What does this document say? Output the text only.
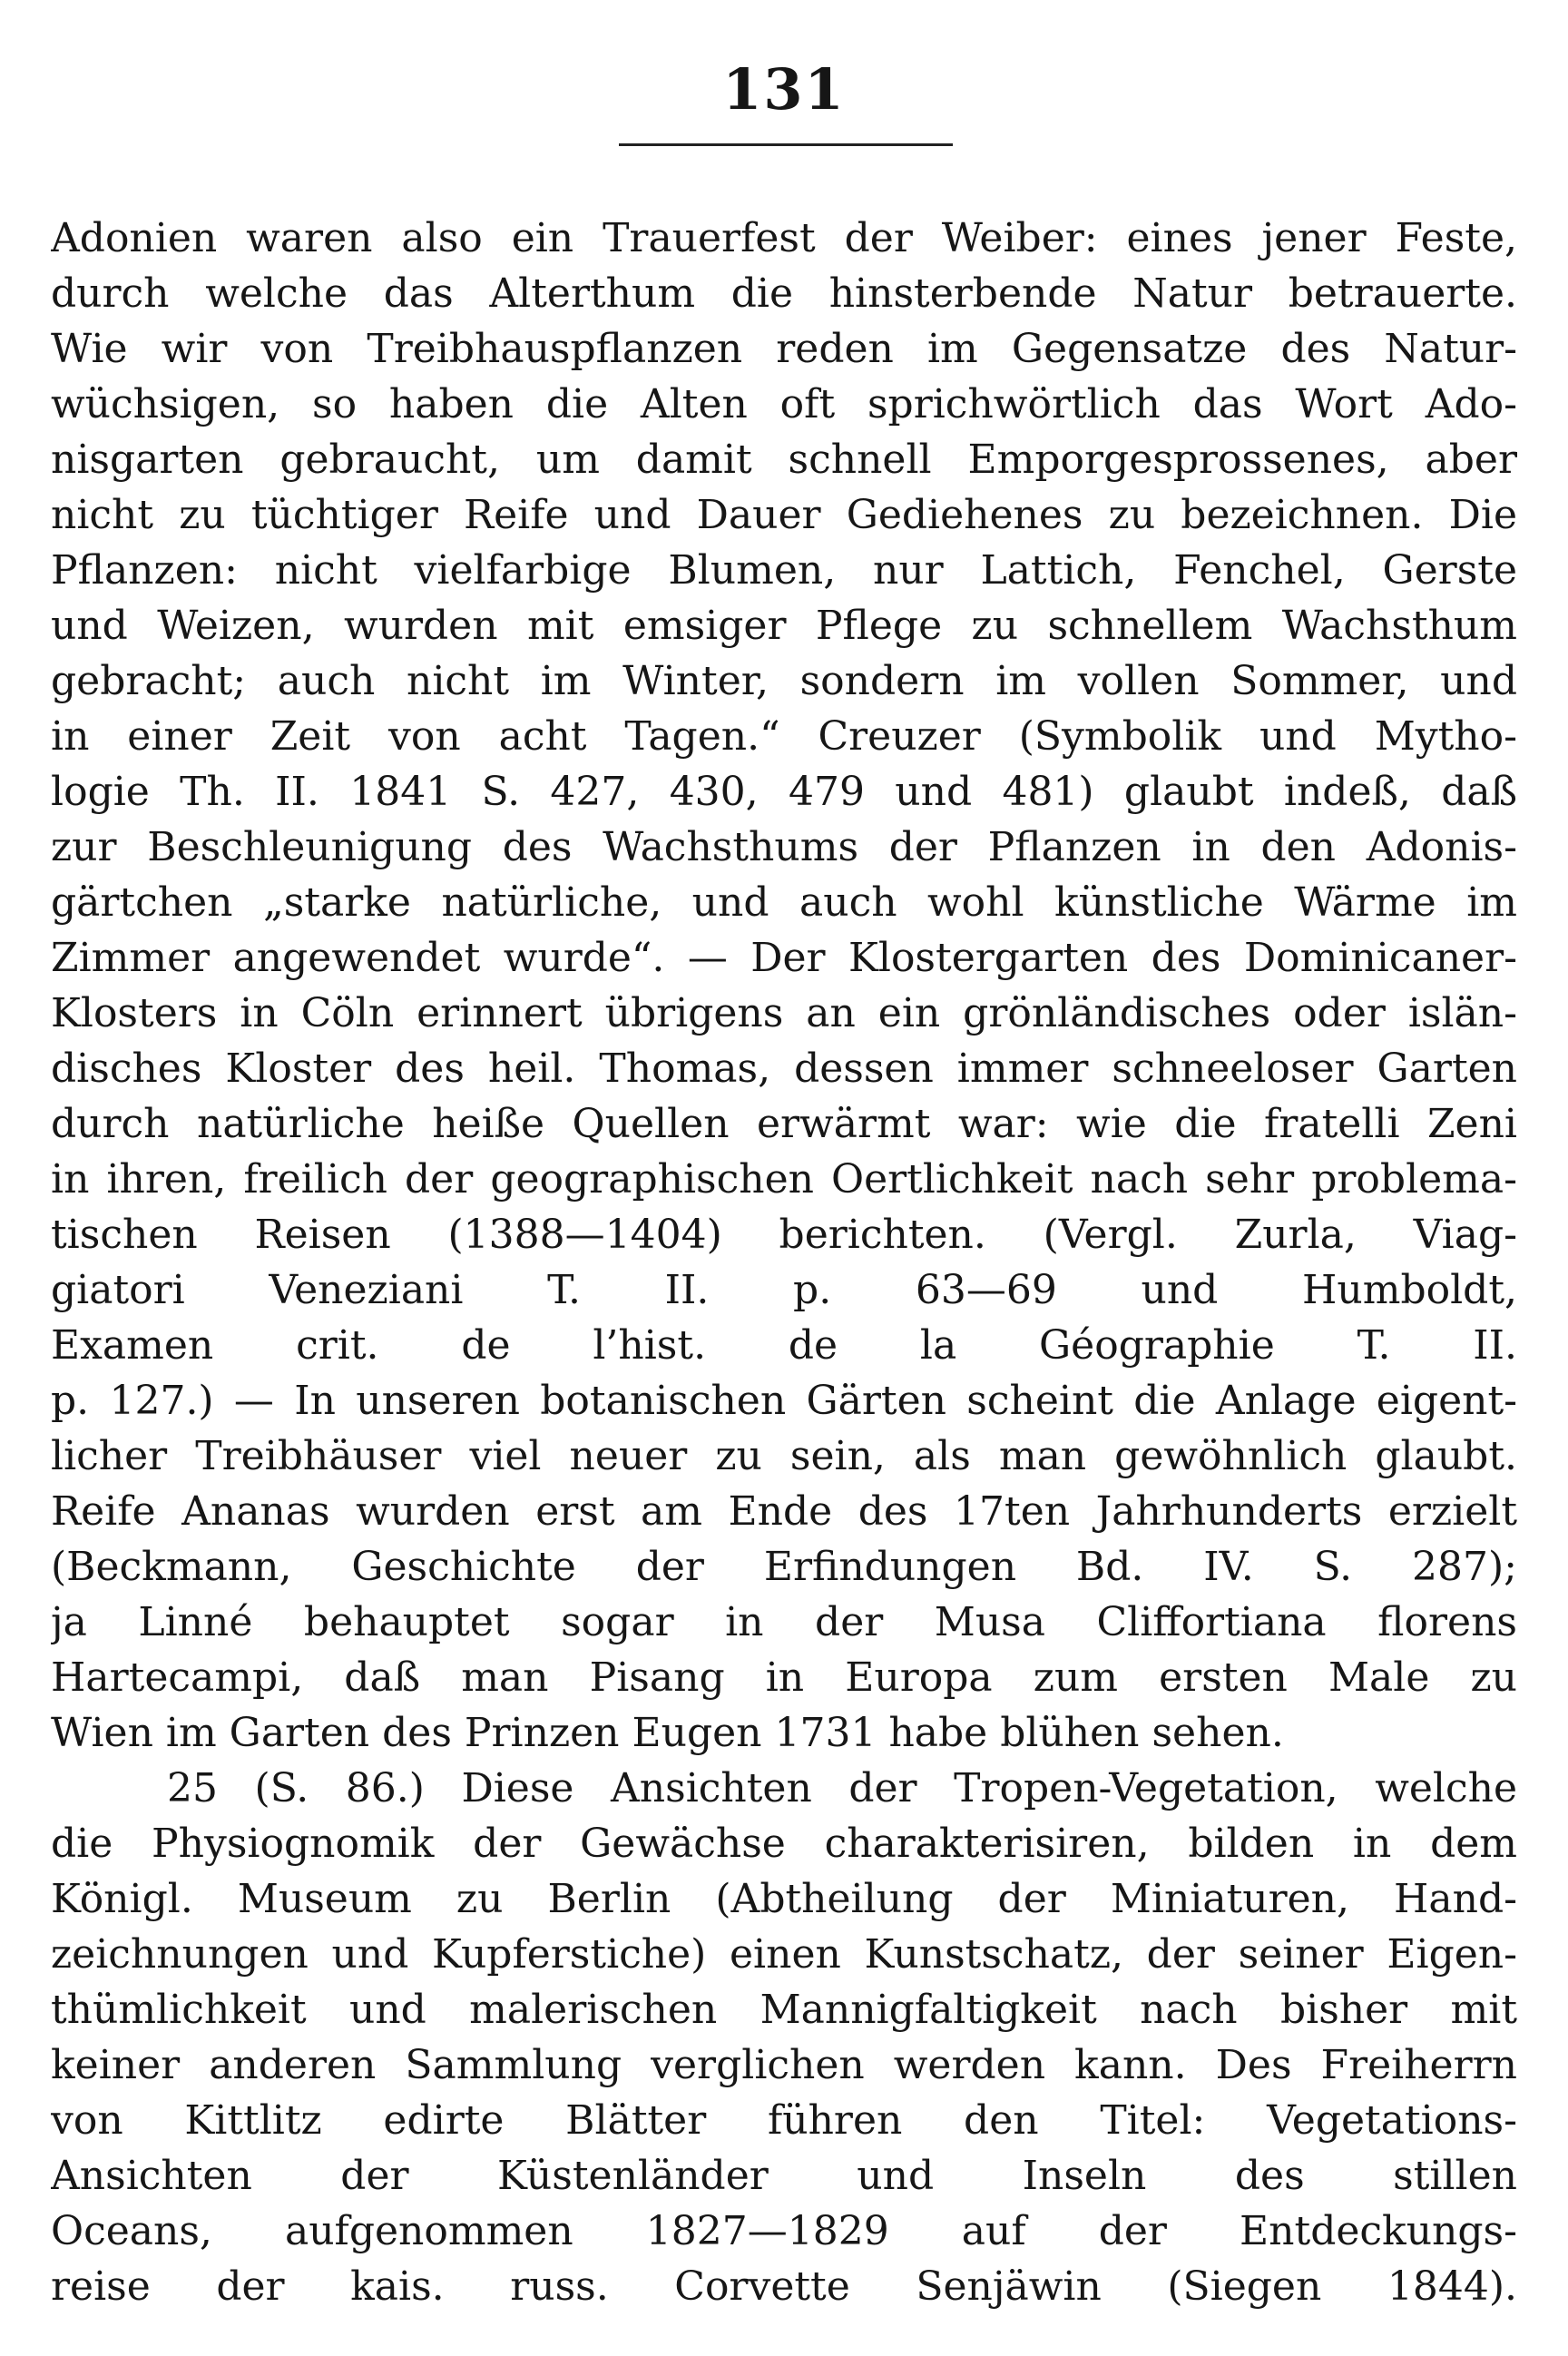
131
Adonien waren also ein Trauerfest der Weiber: eines jener Feste,
durch welche das Alterthum die hinsterbende Natur betrauerte.
Wie wir von Treibhauspflanzen reden im Gegensatze des Natur-
wüchsigen, so haben die Alten oft sprichwörtlich das Wort Ado-
nisgarten gebraucht, um damit schnell Emporgesprossenes, aber
nicht zu tüchtiger Reife und Dauer Gediehenes zu bezeichnen. Die
Pflanzen: nicht vielfarbige Blumen, nur Lattich, Fenchel, Gerste
und Weizen, wurden mit emsiger Pflege zu schnellem Wachsthum
gebracht; auch nicht im Winter, sondern im vollen Sommer, und
in einer Zeit von acht Tagen.“ Creuzer (Symbolik und Mytho-
logie Th. II. 1841 S. 427, 430, 479 und 481) glaubt indeß, daß
zur Beschleunigung des Wachsthums der Pflanzen in den Adonis-
gärtchen „starke natürliche, und auch wohl künstliche Wärme im
Zimmer angewendet wurde“. — Der Klostergarten des Dominicaner-
Klosters in Cöln erinnert übrigens an ein grönländisches oder islän-
disches Kloster des heil. Thomas, dessen immer schneeloser Garten
durch natürliche heiße Quellen erwärmt war: wie die fratelli Zeni
in ihren, freilich der geographischen Oertlichkeit nach sehr problema-
tischen Reisen (1388—1404) berichten. (Vergl. Zurla, Viag-
giatori Veneziani T. II. p. 63—69 und Humboldt,
Examen crit. de l’hist. de la Géographie T. II.
p. 127.) — In unseren botanischen Gärten scheint die Anlage eigent-
licher Treibhäuser viel neuer zu sein, als man gewöhnlich glaubt.
Reife Ananas wurden erst am Ende des 17ten Jahrhunderts erzielt
(Beckmann, Geschichte der Erfindungen Bd. IV. S. 287);
ja Linné behauptet sogar in der Musa Cliffortiana florens
Hartecampi, daß man Pisang in Europa zum ersten Male zu
Wien im Garten des Prinzen Eugen 1731 habe blühen sehen.
25 (S. 86.) Diese Ansichten der Tropen-Vegetation, welche
die Physiognomik der Gewächse charakterisiren, bilden in dem
Königl. Museum zu Berlin (Abtheilung der Miniaturen, Hand-
zeichnungen und Kupferstiche) einen Kunstschatz, der seiner Eigen-
thümlichkeit und malerischen Mannigfaltigkeit nach bisher mit
keiner anderen Sammlung verglichen werden kann. Des Freiherrn
von Kittlitz edirte Blätter führen den Titel: Vegetations-
Ansichten der Küstenländer und Inseln des stillen
Oceans, aufgenommen 1827—1829 auf der Entdeckungs-
reise der kais. russ. Corvette Senjäwin (Siegen 1844).
